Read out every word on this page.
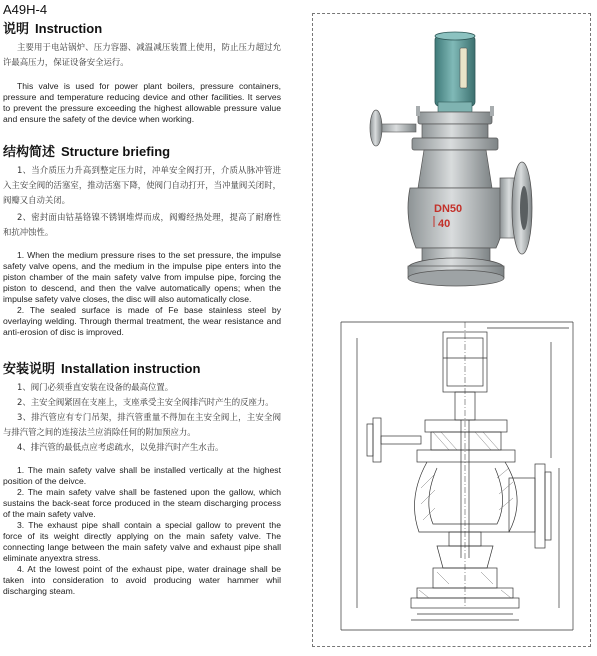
A49H-4
说明 Instruction

主要用于电站锅炉、压力容器、减温减压装置上使用，防止压力超过允许最高压力，保证设备安全运行。

This valve is used for power plant boilers, pressure containers, pressure and temperature reducing device and other facilities. It serves to prevent the pressure exceeding the highest allowable pressure value and ensure the safety of the device when working.

结构简述 Structure briefing

1、当介质压力升高到整定压力时，冲单安全阀打开，介质从脉冲管进入主安全阀的活塞室，推动活塞下降，使阀门自动打开，当冲量阀关闭时，阀瓣又自动关闭。

2、密封面由钴基铬镍不锈钢堆焊而成，阀瓣经热处理，提高了耐磨性和抗冲蚀性。

1. When the medium pressure rises to the set pressure, the impulse safety valve opens, and the medium in the impulse pipe enters into the piston chamber of the main safety valve from impulse pipe, forcing the piston to descend, and then the valve automatically opens; when the impulse safety valve closes, the disc will also automatically close.

2. The sealed surface is made of Fe base stainless steel by overlaying welding. Through thermal treatment, the wear resistance and anti-erosion of disc is improved.

安装说明 Installation instruction

1、阀门必须垂直安装在设备的最高位置。

2、主安全阀紧固在支座上，支座承受主安全阀排汽时产生的反座力。

3、排汽管应有专门吊架，排汽管重量不得加在主安全阀上，主安全阀与排汽管之间的连接法兰应消除任何的附加预应力。

4、排汽管的最低点应考虑疏水，以免排汽时产生水击。

1. The main safety valve shall be installed vertically at the highest position of the deivce.

2. The main safety valve shall be fastened upon the gallow, which sustains the back-seat force produced in the steam discharging process of the main safety valve.

3. The exhaust pipe shall contain a special gallow to prevent the force of its weight directly applying on the main safety valve. The connecting lange between the main safety valve and exhaust pipe shall eliminate anyextra stress.

4. At the lowest point of the exhaust pipe, water drainage shall be taken into consideration to avoid producing water hammer whil discharging steam.

DN50
40
